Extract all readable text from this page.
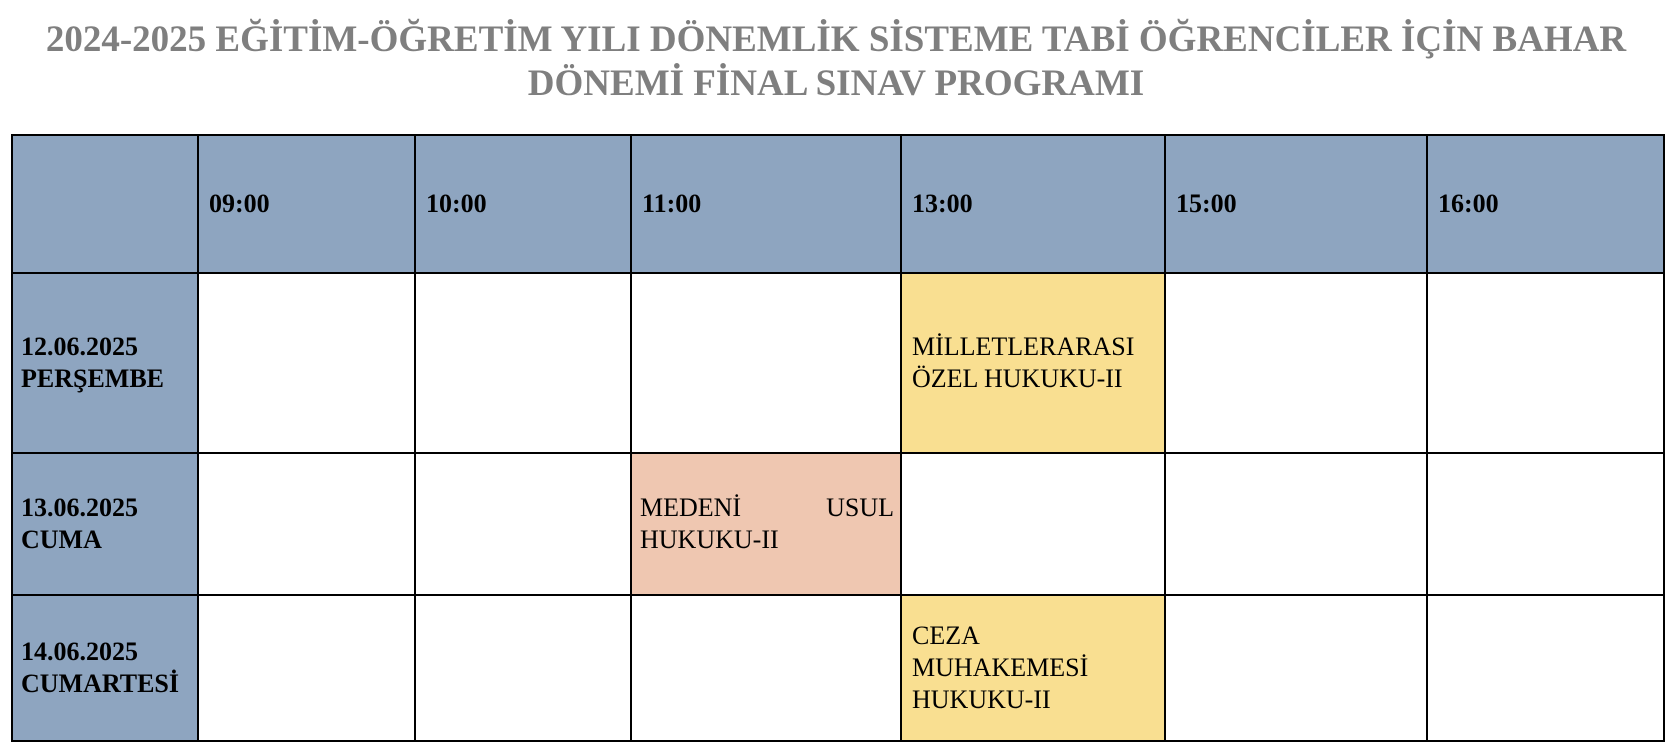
2024-2025 EĞİTİM-ÖĞRETİM YILI DÖNEMLİK SİSTEME TABİ ÖĞRENCİLER İÇİN BAHAR
DÖNEMİ FİNAL SINAV PROGRAMI
	09:00	10:00	11:00	13:00	15:00	16:00

12.06.2025
PERŞEMBE				MİLLETLERARASI
ÖZEL HUKUKU-II		

13.06.2025
CUMA			MEDENİ USUL
HUKUKU-II			

14.06.2025
CUMARTESİ				CEZA
MUHAKEMESİ
HUKUKU-II		
